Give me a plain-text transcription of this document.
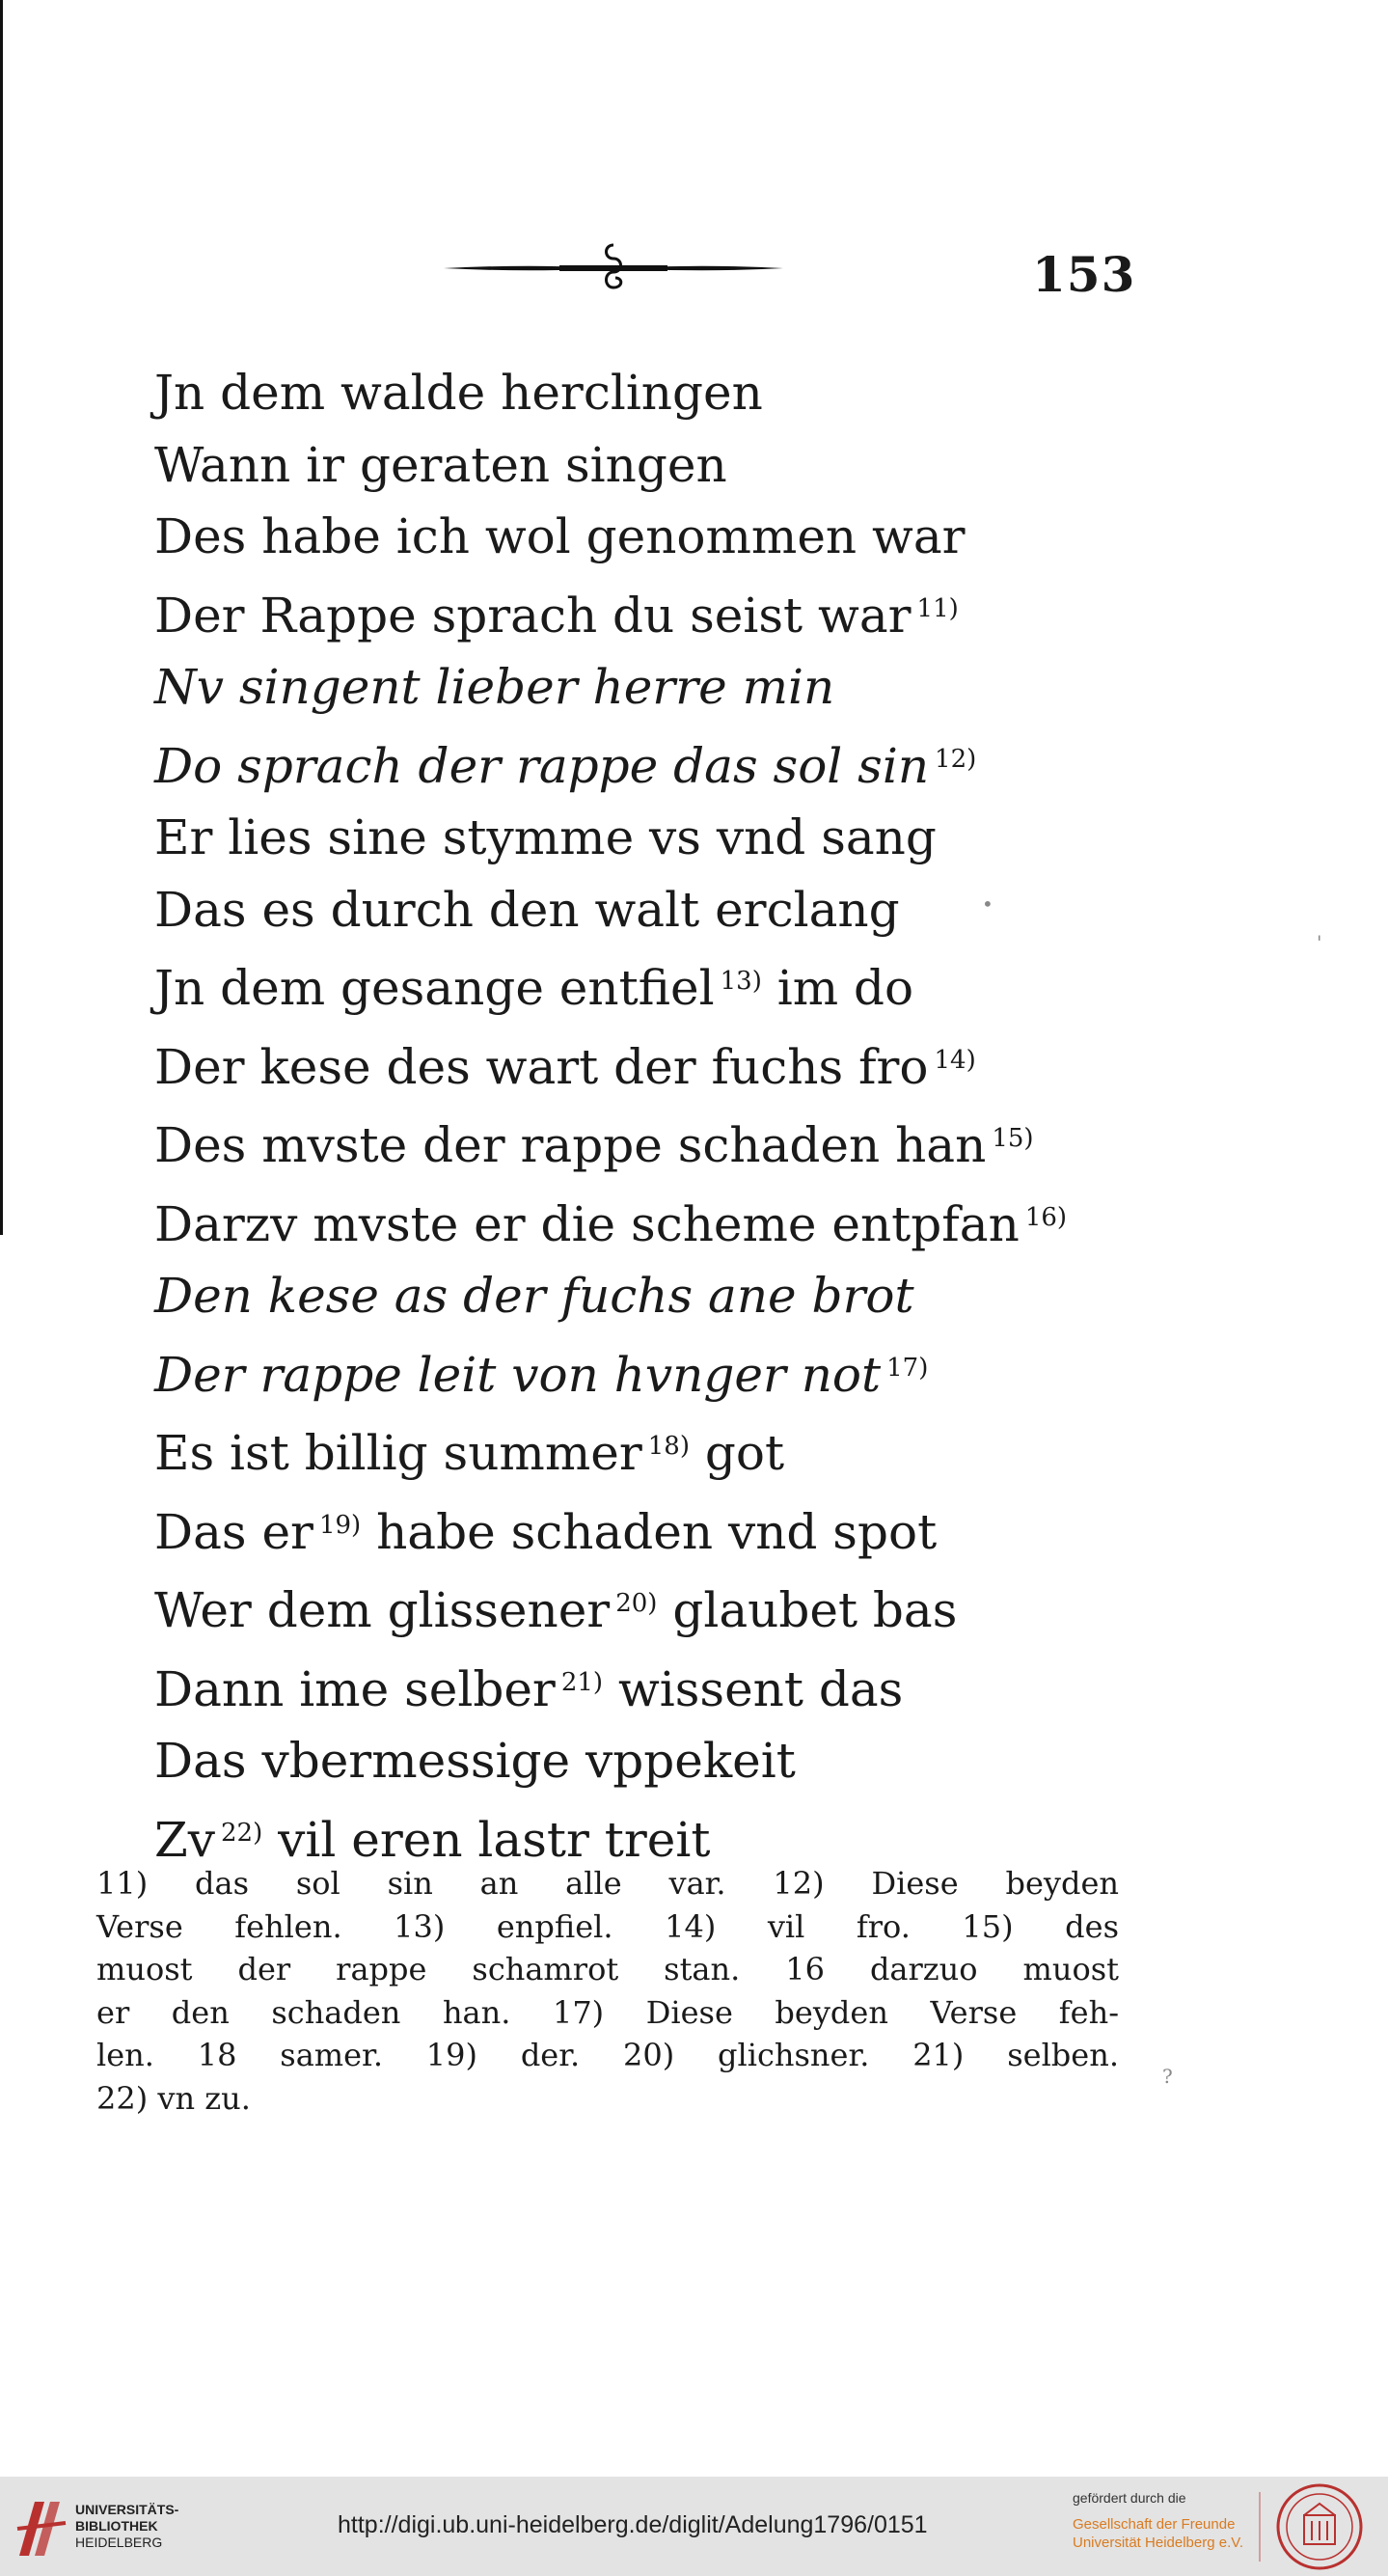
153
Jn dem walde herclingen
Wann ir geraten singen
Des habe ich wol genommen war
Der Rappe sprach du seist war $^{11)}$
Nv singent lieber herre min
Do sprach der rappe das sol sin $^{12)}$
Er lies sine stymme vs vnd sang
Das es durch den walt erclang
Jn dem gesange entfiel $^{13)}$ im do
Der kese des wart der fuchs fro $^{14)}$
Des mvste der rappe schaden han $^{15)}$
Darzv mvste er die scheme entpfan $^{16)}$
Den kese as der fuchs ane brot
Der rappe leit von hvnger not $^{17)}$
Es ist billig summer $^{18)}$ got
Das er $^{19)}$ habe schaden vnd spot
Wer dem glissener $^{20)}$ glaubet bas
Dann ime selber $^{21)}$ wissent das
Das vbermessige vppekeit
Zv $^{22)}$ vil eren lastr treit
11) das sol sin an alle var. 12) Diese beyden
Verse fehlen. 13) enpfiel. 14) vil fro. 15) des
muost der rappe schamrot stan. 16 darzuo muost
er den schaden han. 17) Diese beyden Verse feh-
len. 18 samer. 19) der. 20) glichsner. 21) selben.
22) vn zu.
?
•
'
UNIVERSITÄTS-
BIBLIOTHEK
HEIDELBERG
http://digi.ub.uni-heidelberg.de/diglit/Adelung1796/0151
gefördert durch die
Gesellschaft der Freunde
Universität Heidelberg e.V.
